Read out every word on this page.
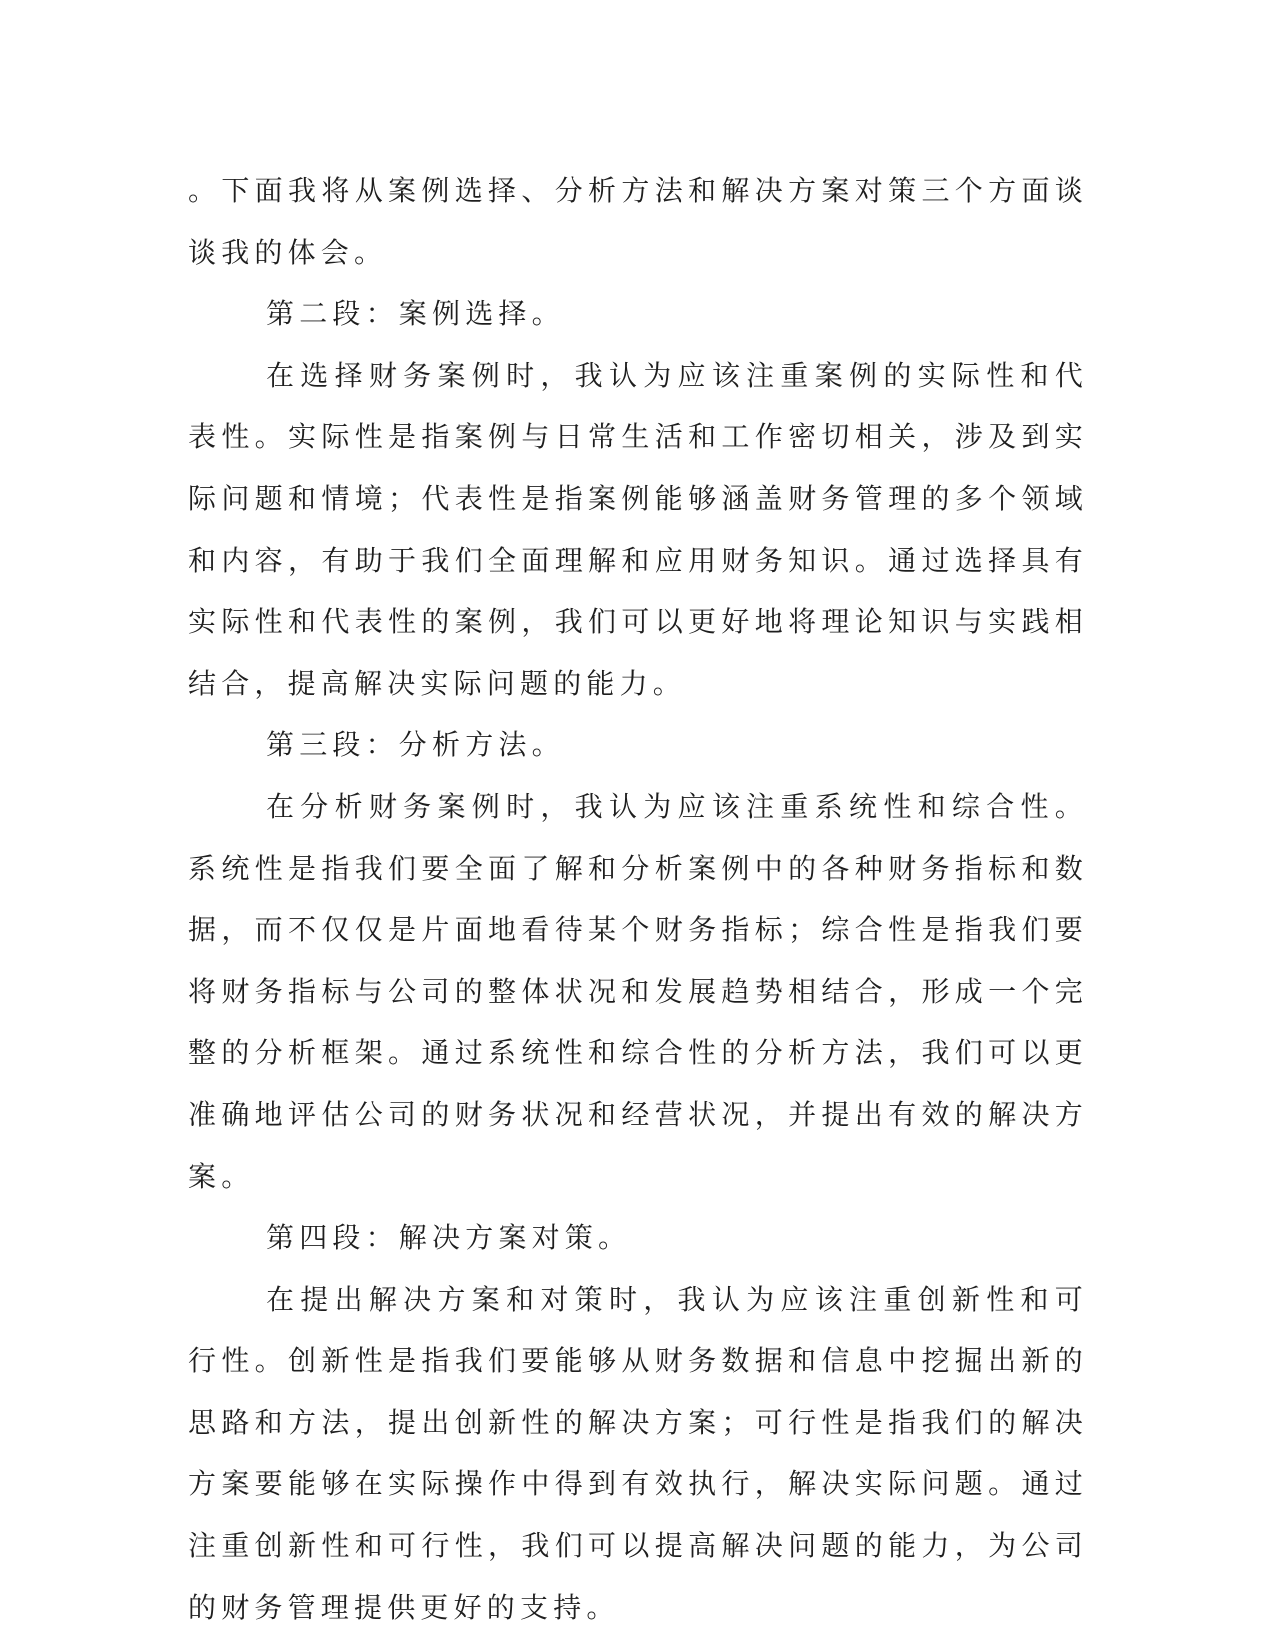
。下面我将从案例选择、分析方法和解决方案对策三个方面谈谈我的体会。

第二段：案例选择。

在选择财务案例时，我认为应该注重案例的实际性和代表性。实际性是指案例与日常生活和工作密切相关，涉及到实际问题和情境；代表性是指案例能够涵盖财务管理的多个领域和内容，有助于我们全面理解和应用财务知识。通过选择具有实际性和代表性的案例，我们可以更好地将理论知识与实践相结合，提高解决实际问题的能力。

第三段：分析方法。

在分析财务案例时，我认为应该注重系统性和综合性。系统性是指我们要全面了解和分析案例中的各种财务指标和数据，而不仅仅是片面地看待某个财务指标；综合性是指我们要将财务指标与公司的整体状况和发展趋势相结合，形成一个完整的分析框架。通过系统性和综合性的分析方法，我们可以更准确地评估公司的财务状况和经营状况，并提出有效的解决方案。

第四段：解决方案对策。

在提出解决方案和对策时，我认为应该注重创新性和可行性。创新性是指我们要能够从财务数据和信息中挖掘出新的思路和方法，提出创新性的解决方案；可行性是指我们的解决方案要能够在实际操作中得到有效执行，解决实际问题。通过注重创新性和可行性，我们可以提高解决问题的能力，为公司的财务管理提供更好的支持。
